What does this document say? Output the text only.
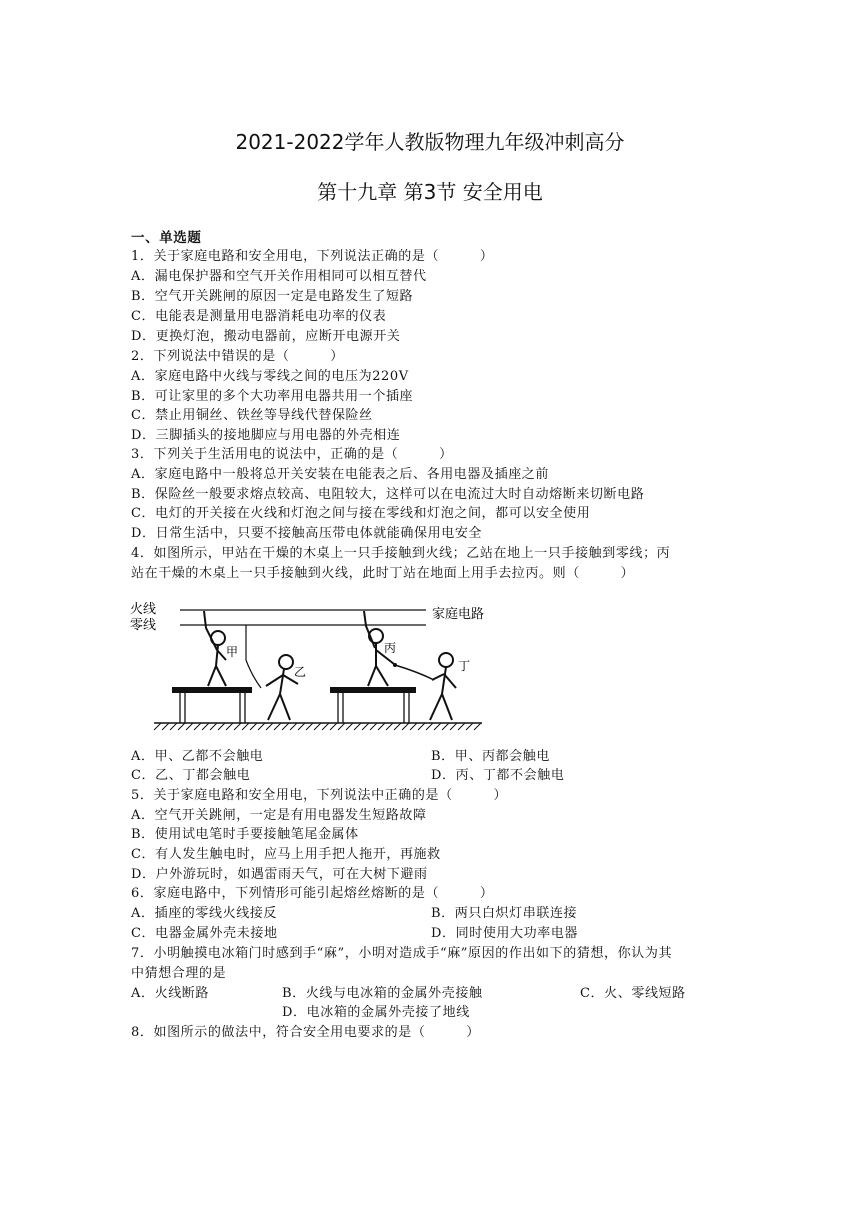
2021-2022学年人教版物理九年级冲刺高分
第十九章 第3节 安全用电
一、单选题
1．关于家庭电路和安全用电，下列说法正确的是（　　　）
A．漏电保护器和空气开关作用相同可以相互替代
B．空气开关跳闸的原因一定是电路发生了短路
C．电能表是测量用电器消耗电功率的仪表
D．更换灯泡，搬动电器前，应断开电源开关
2．下列说法中错误的是（　　　）
A．家庭电路中火线与零线之间的电压为220V
B．可让家里的多个大功率用电器共用一个插座
C．禁止用铜丝、铁丝等导线代替保险丝
D．三脚插头的接地脚应与用电器的外壳相连
3．下列关于生活用电的说法中，正确的是（　　　）
A．家庭电路中一般将总开关安装在电能表之后、各用电器及插座之前
B．保险丝一般要求熔点较高、电阻较大，这样可以在电流过大时自动熔断来切断电路
C．电灯的开关接在火线和灯泡之间与接在零线和灯泡之间，都可以安全使用
D．日常生活中，只要不接触高压带电体就能确保用电安全
4．如图所示，甲站在干燥的木桌上一只手接触到火线；乙站在地上一只手接触到零线；丙
站在干燥的木桌上一只手接触到火线，此时丁站在地面上用手去拉丙。则（　　　）
火线
零线
家庭电路
甲
乙
丙
丁
A．甲、乙都不会触电	B．甲、丙都会触电
C．乙、丁都会触电	D．丙、丁都不会触电
5．关于家庭电路和安全用电，下列说法中正确的是（　　　）
A．空气开关跳闸，一定是有用电器发生短路故障
B．使用试电笔时手要接触笔尾金属体
C．有人发生触电时，应马上用手把人拖开，再施救
D．户外游玩时，如遇雷雨天气，可在大树下避雨
6．家庭电路中，下列情形可能引起熔丝熔断的是（　　　）
A．插座的零线火线接反	B．两只白炽灯串联连接
C．电器金属外壳未接地	D．同时使用大功率电器
7．小明触摸电冰箱门时感到手“麻”，小明对造成手“麻”原因的作出如下的猜想，你认为其
中猜想合理的是
A．火线断路	B．火线与电冰箱的金属外壳接触	C．火、零线短路
D．电冰箱的金属外壳接了地线
8．如图所示的做法中，符合安全用电要求的是（　　　）
